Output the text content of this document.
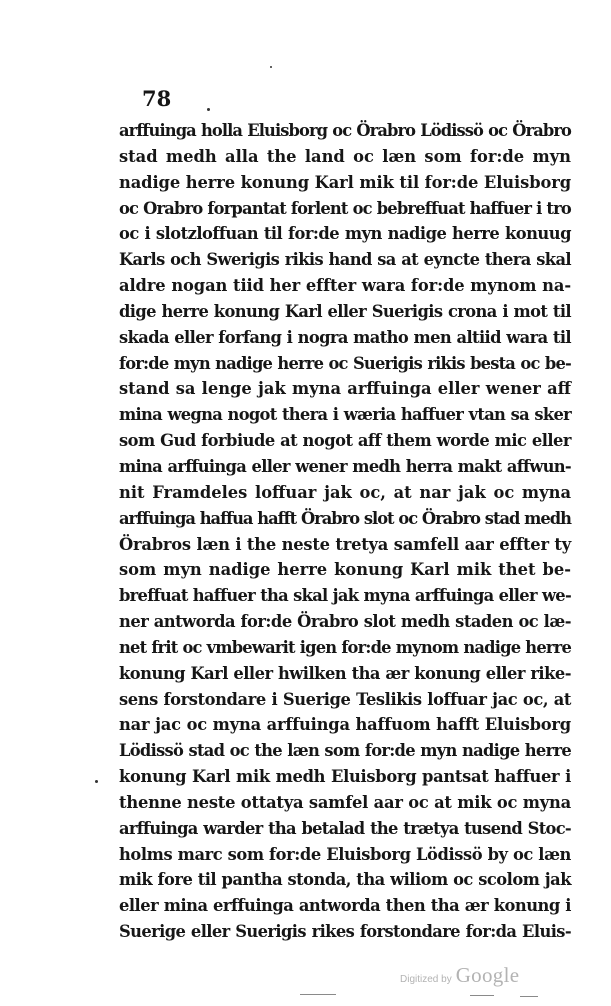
78
arffuinga holla Eluisborg oc Örabro Lödissö oc Örabro
stad medh alla the land oc læn som for:de myn
nadige herre konung Karl mik til for:de Eluisborg
oc Orabro forpantat forlent oc bebreffuat haffuer i tro
oc i slotzloffuan til for:de myn nadige herre konuug
Karls och Swerigis rikis hand sa at eyncte thera skal
aldre nogan tiid her effter wara for:de mynom na-
dige herre konung Karl eller Suerigis crona i mot til
skada eller forfang i nogra matho men altiid wara til
for:de myn nadige herre oc Suerigis rikis besta oc be-
stand sa lenge jak myna arffuinga eller wener aff
mina wegna nogot thera i wæria haffuer vtan sa sker
som Gud forbiude at nogot aff them worde mic eller
mina arffuinga eller wener medh herra makt affwun-
nit Framdeles loffuar jak oc, at nar jak oc myna
arffuinga haffua hafft Örabro slot oc Örabro stad medh
Örabros læn i the neste tretya samfell aar effter ty
som myn nadige herre konung Karl mik thet be-
breffuat haffuer tha skal jak myna arffuinga eller we-
ner antworda for:de Örabro slot medh staden oc læ-
net frit oc vmbewarit igen for:de mynom nadige herre
konung Karl eller hwilken tha ær konung eller rike-
sens forstondare i Suerige Teslikis loffuar jac oc, at
nar jac oc myna arffuinga haffuom hafft Eluisborg
Lödissö stad oc the læn som for:de myn nadige herre
konung Karl mik medh Eluisborg pantsat haffuer i
thenne neste ottatya samfel aar oc at mik oc myna
arffuinga warder tha betalad the trætya tusend Stoc-
holms marc som for:de Eluisborg Lödissö by oc læn
mik fore til pantha stonda, tha wiliom oc scolom jak
eller mina erffuinga antworda then tha ær konung i
Suerige eller Suerigis rikes forstondare for:da Eluis-
Digitized by Google
